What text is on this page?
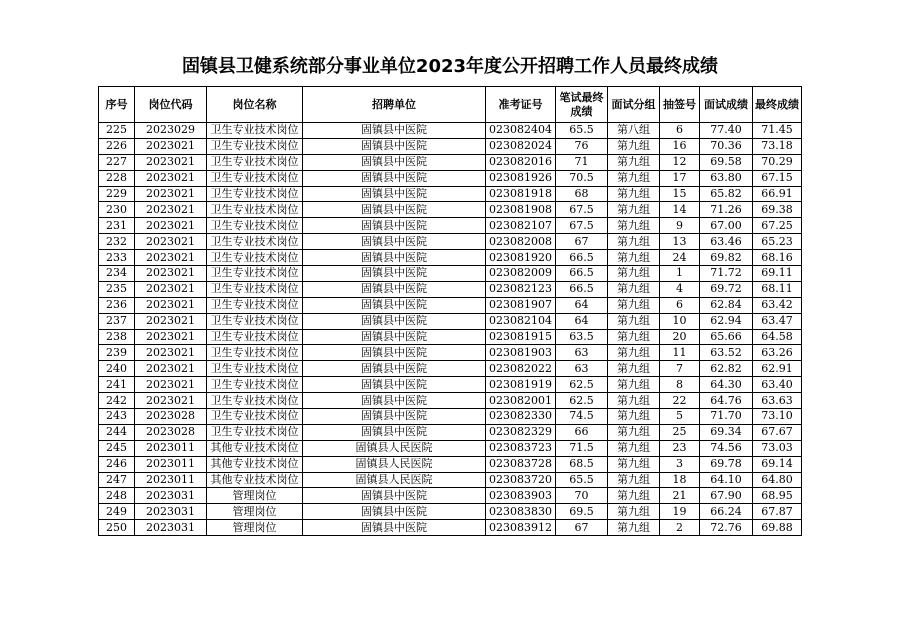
固镇县卫健系统部分事业单位2023年度公开招聘工作人员最终成绩
序号	岗位代码	岗位名称	招聘单位	准考证号	笔试最终成绩	面试分组	抽签号	面试成绩	最终成绩
225	2023029	卫生专业技术岗位	固镇县中医院	023082404	65.5	第八组	6	77.40	71.45
226	2023021	卫生专业技术岗位	固镇县中医院	023082024	76	第九组	16	70.36	73.18
227	2023021	卫生专业技术岗位	固镇县中医院	023082016	71	第九组	12	69.58	70.29
228	2023021	卫生专业技术岗位	固镇县中医院	023081926	70.5	第九组	17	63.80	67.15
229	2023021	卫生专业技术岗位	固镇县中医院	023081918	68	第九组	15	65.82	66.91
230	2023021	卫生专业技术岗位	固镇县中医院	023081908	67.5	第九组	14	71.26	69.38
231	2023021	卫生专业技术岗位	固镇县中医院	023082107	67.5	第九组	9	67.00	67.25
232	2023021	卫生专业技术岗位	固镇县中医院	023082008	67	第九组	13	63.46	65.23
233	2023021	卫生专业技术岗位	固镇县中医院	023081920	66.5	第九组	24	69.82	68.16
234	2023021	卫生专业技术岗位	固镇县中医院	023082009	66.5	第九组	1	71.72	69.11
235	2023021	卫生专业技术岗位	固镇县中医院	023082123	66.5	第九组	4	69.72	68.11
236	2023021	卫生专业技术岗位	固镇县中医院	023081907	64	第九组	6	62.84	63.42
237	2023021	卫生专业技术岗位	固镇县中医院	023082104	64	第九组	10	62.94	63.47
238	2023021	卫生专业技术岗位	固镇县中医院	023081915	63.5	第九组	20	65.66	64.58
239	2023021	卫生专业技术岗位	固镇县中医院	023081903	63	第九组	11	63.52	63.26
240	2023021	卫生专业技术岗位	固镇县中医院	023082022	63	第九组	7	62.82	62.91
241	2023021	卫生专业技术岗位	固镇县中医院	023081919	62.5	第九组	8	64.30	63.40
242	2023021	卫生专业技术岗位	固镇县中医院	023082001	62.5	第九组	22	64.76	63.63
243	2023028	卫生专业技术岗位	固镇县中医院	023082330	74.5	第九组	5	71.70	73.10
244	2023028	卫生专业技术岗位	固镇县中医院	023082329	66	第九组	25	69.34	67.67
245	2023011	其他专业技术岗位	固镇县人民医院	023083723	71.5	第九组	23	74.56	73.03
246	2023011	其他专业技术岗位	固镇县人民医院	023083728	68.5	第九组	3	69.78	69.14
247	2023011	其他专业技术岗位	固镇县人民医院	023083720	65.5	第九组	18	64.10	64.80
248	2023031	管理岗位	固镇县中医院	023083903	70	第九组	21	67.90	68.95
249	2023031	管理岗位	固镇县中医院	023083830	69.5	第九组	19	66.24	67.87
250	2023031	管理岗位	固镇县中医院	023083912	67	第九组	2	72.76	69.88
